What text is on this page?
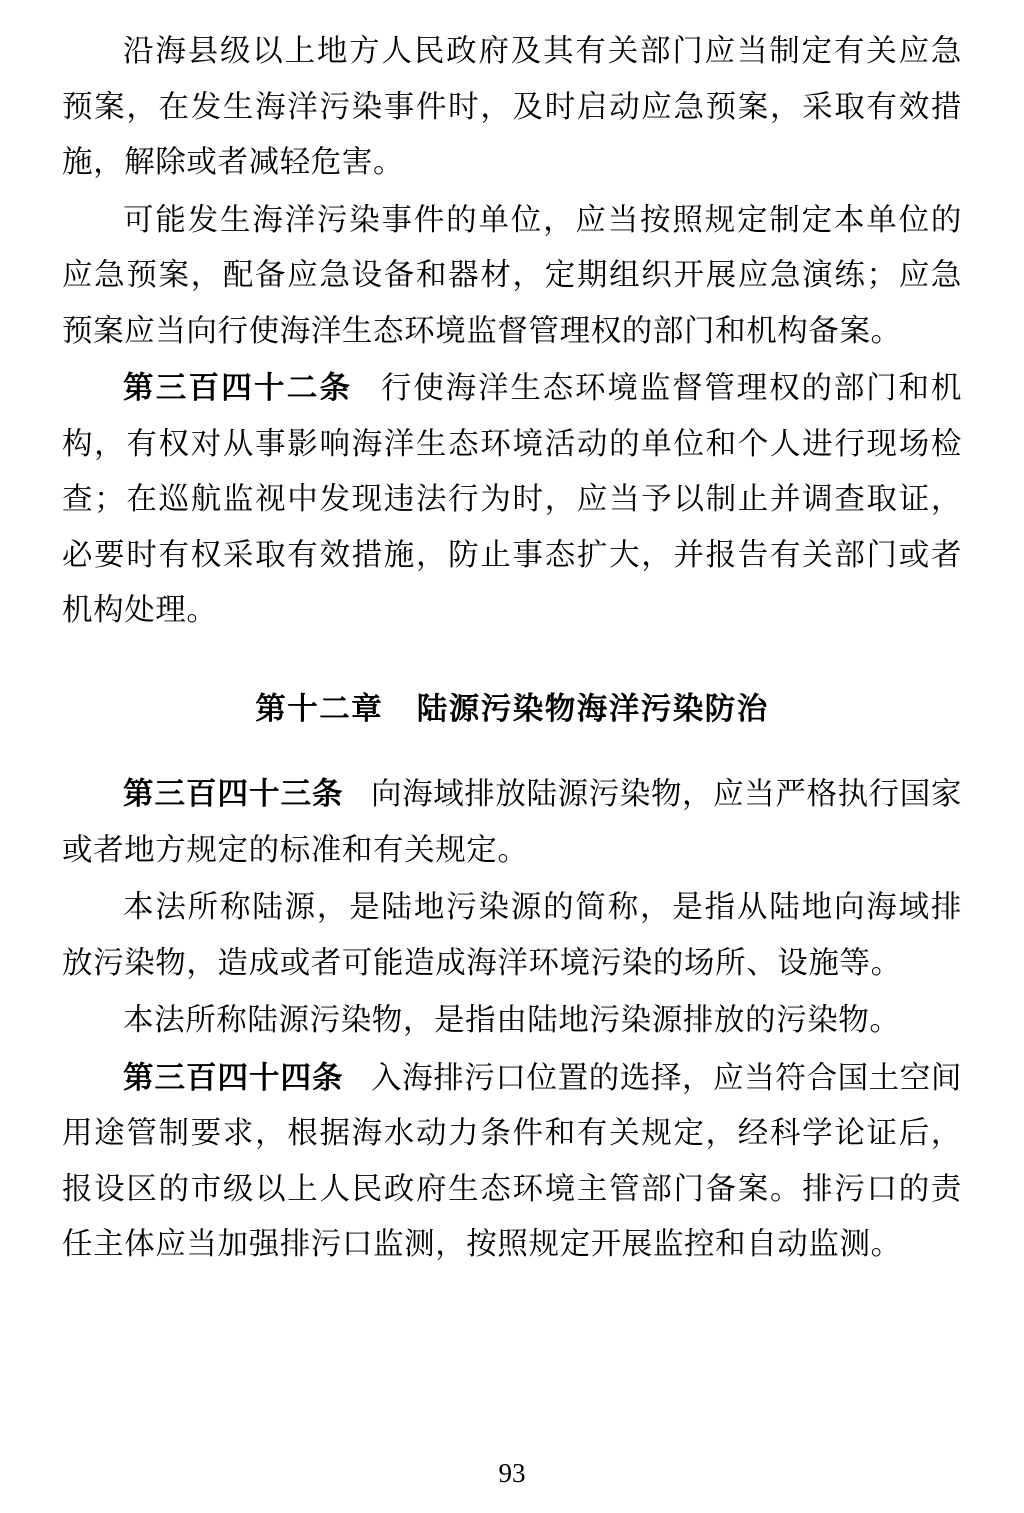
沿海县级以上地方人民政府及其有关部门应当制定有关应急预案，在发生海洋污染事件时，及时启动应急预案，采取有效措施，解除或者减轻危害。

可能发生海洋污染事件的单位，应当按照规定制定本单位的应急预案，配备应急设备和器材，定期组织开展应急演练；应急预案应当向行使海洋生态环境监督管理权的部门和机构备案。

第三百四十二条 行使海洋生态环境监督管理权的部门和机构，有权对从事影响海洋生态环境活动的单位和个人进行现场检查；在巡航监视中发现违法行为时，应当予以制止并调查取证，必要时有权采取有效措施，防止事态扩大，并报告有关部门或者机构处理。

第十二章 陆源污染物海洋污染防治

第三百四十三条 向海域排放陆源污染物，应当严格执行国家或者地方规定的标准和有关规定。

本法所称陆源，是陆地污染源的简称，是指从陆地向海域排放污染物，造成或者可能造成海洋环境污染的场所、设施等。

本法所称陆源污染物，是指由陆地污染源排放的污染物。

第三百四十四条 入海排污口位置的选择，应当符合国土空间用途管制要求，根据海水动力条件和有关规定，经科学论证后，报设区的市级以上人民政府生态环境主管部门备案。排污口的责任主体应当加强排污口监测，按照规定开展监控和自动监测。

93
